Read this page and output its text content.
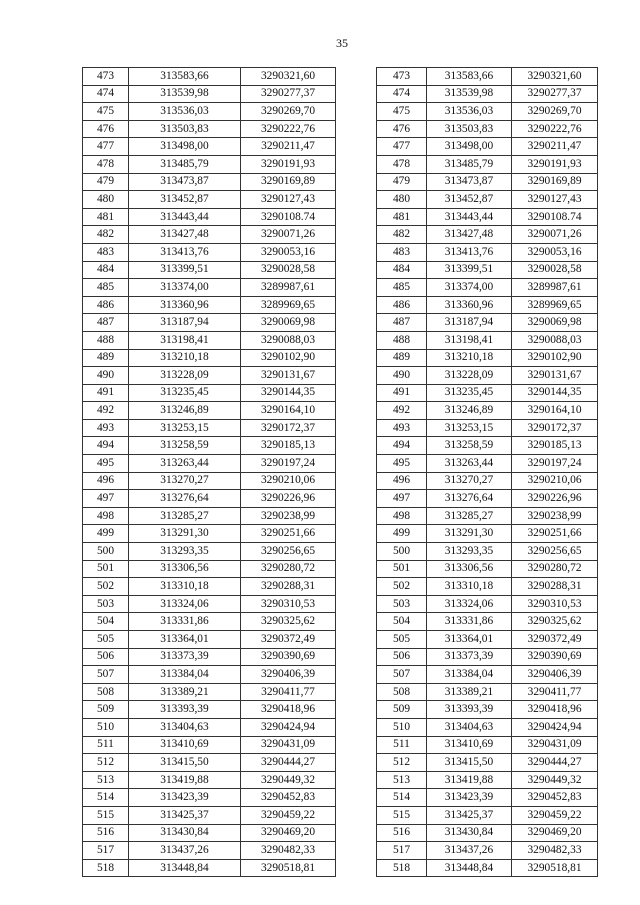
35
473	313583,66	3290321,60
474	313539,98	3290277,37
475	313536,03	3290269,70
476	313503,83	3290222,76
477	313498,00	3290211,47
478	313485,79	3290191,93
479	313473,87	3290169,89
480	313452,87	3290127,43
481	313443,44	3290108.74
482	313427,48	3290071,26
483	313413,76	3290053,16
484	313399,51	3290028,58
485	313374,00	3289987,61
486	313360,96	3289969,65
487	313187,94	3290069,98
488	313198,41	3290088,03
489	313210,18	3290102,90
490	313228,09	3290131,67
491	313235,45	3290144,35
492	313246,89	3290164,10
493	313253,15	3290172,37
494	313258,59	3290185,13
495	313263,44	3290197,24
496	313270,27	3290210,06
497	313276,64	3290226,96
498	313285,27	3290238,99
499	313291,30	3290251,66
500	313293,35	3290256,65
501	313306,56	3290280,72
502	313310,18	3290288,31
503	313324,06	3290310,53
504	313331,86	3290325,62
505	313364,01	3290372,49
506	313373,39	3290390,69
507	313384,04	3290406,39
508	313389,21	3290411,77
509	313393,39	3290418,96
510	313404,63	3290424,94
511	313410,69	3290431,09
512	313415,50	3290444,27
513	313419,88	3290449,32
514	313423,39	3290452,83
515	313425,37	3290459,22
516	313430,84	3290469,20
517	313437,26	3290482,33
518	313448,84	3290518,81
473	313583,66	3290321,60
474	313539,98	3290277,37
475	313536,03	3290269,70
476	313503,83	3290222,76
477	313498,00	3290211,47
478	313485,79	3290191,93
479	313473,87	3290169,89
480	313452,87	3290127,43
481	313443,44	3290108.74
482	313427,48	3290071,26
483	313413,76	3290053,16
484	313399,51	3290028,58
485	313374,00	3289987,61
486	313360,96	3289969,65
487	313187,94	3290069,98
488	313198,41	3290088,03
489	313210,18	3290102,90
490	313228,09	3290131,67
491	313235,45	3290144,35
492	313246,89	3290164,10
493	313253,15	3290172,37
494	313258,59	3290185,13
495	313263,44	3290197,24
496	313270,27	3290210,06
497	313276,64	3290226,96
498	313285,27	3290238,99
499	313291,30	3290251,66
500	313293,35	3290256,65
501	313306,56	3290280,72
502	313310,18	3290288,31
503	313324,06	3290310,53
504	313331,86	3290325,62
505	313364,01	3290372,49
506	313373,39	3290390,69
507	313384,04	3290406,39
508	313389,21	3290411,77
509	313393,39	3290418,96
510	313404,63	3290424,94
511	313410,69	3290431,09
512	313415,50	3290444,27
513	313419,88	3290449,32
514	313423,39	3290452,83
515	313425,37	3290459,22
516	313430,84	3290469,20
517	313437,26	3290482,33
518	313448,84	3290518,81
